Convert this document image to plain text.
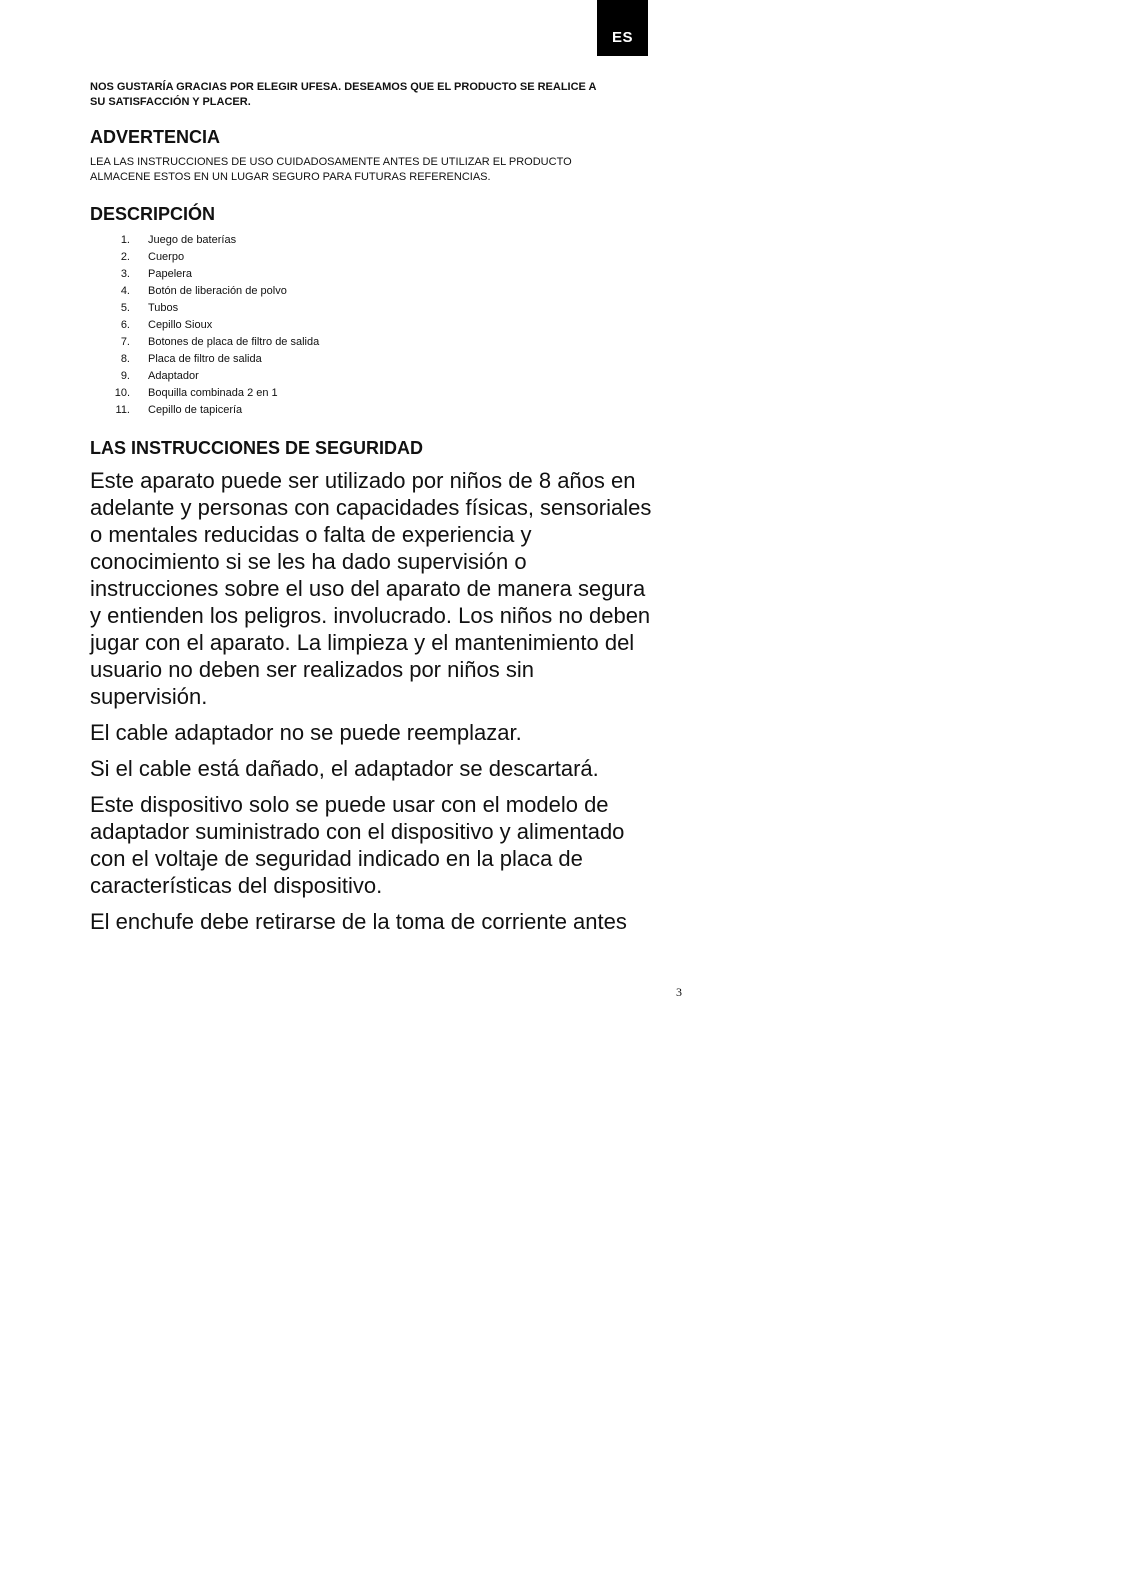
ES

NOS GUSTARÍA GRACIAS POR ELEGIR UFESA. DESEAMOS QUE EL PRODUCTO SE REALICE A
SU SATISFACCIÓN Y PLACER.

ADVERTENCIA

LEA LAS INSTRUCCIONES DE USO CUIDADOSAMENTE ANTES DE UTILIZAR EL PRODUCTO
ALMACENE ESTOS EN UN LUGAR SEGURO PARA FUTURAS REFERENCIAS.

DESCRIPCIÓN
1.	Juego de baterías
2.	Cuerpo
3.	Papelera
4.	Botón de liberación de polvo
5.	Tubos
6.	Cepillo Sioux
7.	Botones de placa de filtro de salida
8.	Placa de filtro de salida
9.	Adaptador
10.	Boquilla combinada 2 en 1
11.	Cepillo de tapicería
LAS INSTRUCCIONES DE SEGURIDAD

Este aparato puede ser utilizado por niños de 8 años en adelante y personas con capacidades físicas, sensoriales o mentales reducidas o falta de experiencia y conocimiento si se les ha dado supervisión o instrucciones sobre el uso del aparato de manera segura y entienden los peligros. involucrado. Los niños no deben jugar con el aparato. La limpieza y el mantenimiento del usuario no deben ser realizados por niños sin supervisión.

El cable adaptador no se puede reemplazar.

Si el cable está dañado, el adaptador se descartará.

Este dispositivo solo se puede usar con el modelo de adaptador suministrado con el dispositivo y alimentado con el voltaje de seguridad indicado en la placa de características del dispositivo.

El enchufe debe retirarse de la toma de corriente antes

3
